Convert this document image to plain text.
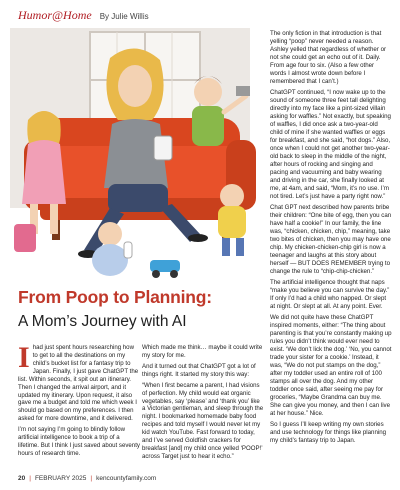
Humor@Home By Julie Willis

The only fiction in that introduction is that yelling “poop” never needed a reason. Ashley yelled that regardless of whether or not she could get an echo out of it. Daily. From age four to six. (Also a few other words I almost wrote down before I remembered that I can’t.)

ChatGPT continued, “I now wake up to the sound of someone three feet tall delighting directly into my face like a pint-sized villain asking for waffles.” Not exactly, but speaking of waffles, I did once ask a two-year-old child of mine if she wanted waffles or eggs for breakfast, and she said, “hot dogs.” Also, once when I could not get another two-year-old back to sleep in the middle of the night, after hours of rocking and singing and pacing and vacuuming and baby wearing and driving in the car, she finally looked at me, at 4am, and said, “Mom, it’s no use. I’m not tired. Let’s just have a party right now.”

Chat GPT next described how parents bribe their children: “One bite of egg, then you can have half a cookie!” In our family, the line was, “chicken, chicken, chip,” meaning, take two bites of chicken, then you may have one chip. My chicken-chicken-chip girl is now a teenager and laughs at this story about herself — BUT DOES REMEMBER trying to change the rule to “chip-chip-chicken.”

The artificial intelligence thought that naps “make you believe you can survive the day.” If only I’d had a child who napped. Or slept at night. Or slept at all. At any point. Ever.

We did not quite have these ChatGPT inspired moments, either: “The thing about parenting is that you’re constantly making up rules you didn’t think would ever need to exist. ‘We don’t lick the dog.’ ‘No, you cannot trade your sister for a cookie.’ Instead, it was, “We do not put stamps on the dog,” after my toddler used an entire roll of 100 stamps all over the dog. And my other toddler once said, after seeing me pay for groceries, “Maybe Grandma can buy me. She can give you money, and then I can live at her house.” Nice.

So I guess I’ll keep writing my own stories and use technology for things like planning my child’s fantasy trip to Japan.

From Poop to Planning:
A Mom’s Journey with AI

Ihad just spent hours researching how to get to all the destinations on my child’s bucket list for a fantasy trip to Japan. Finally, I just gave ChatGPT the list. Within seconds, it spit out an itinerary. Then I changed the arrival airport, and it updated my itinerary. Upon request, it also gave me a budget and told me which week I should go based on my preferences. I then asked for more downtime, and it delivered.

I’m not saying I’m going to blindly follow artificial intelligence to book a trip of a lifetime. But I think I just saved about seventy hours of research time.

Which made me think… maybe it could write my story for me.

And it turned out that ChatGPT got a lot of things right. It started my story this way:

“When I first became a parent, I had visions of perfection. My child would eat organic vegetables, say ‘please’ and ‘thank you’ like a Victorian gentleman, and sleep through the night. I bookmarked homemade baby food recipes and told myself I would never let my kid watch YouTube. Fast forward to today, and I’ve served Goldfish crackers for breakfast [and] my child once yelled ‘POOP!’ across Target just to hear it echo.”

20 | FEBRUARY 2025 | kencountyfamily.com
